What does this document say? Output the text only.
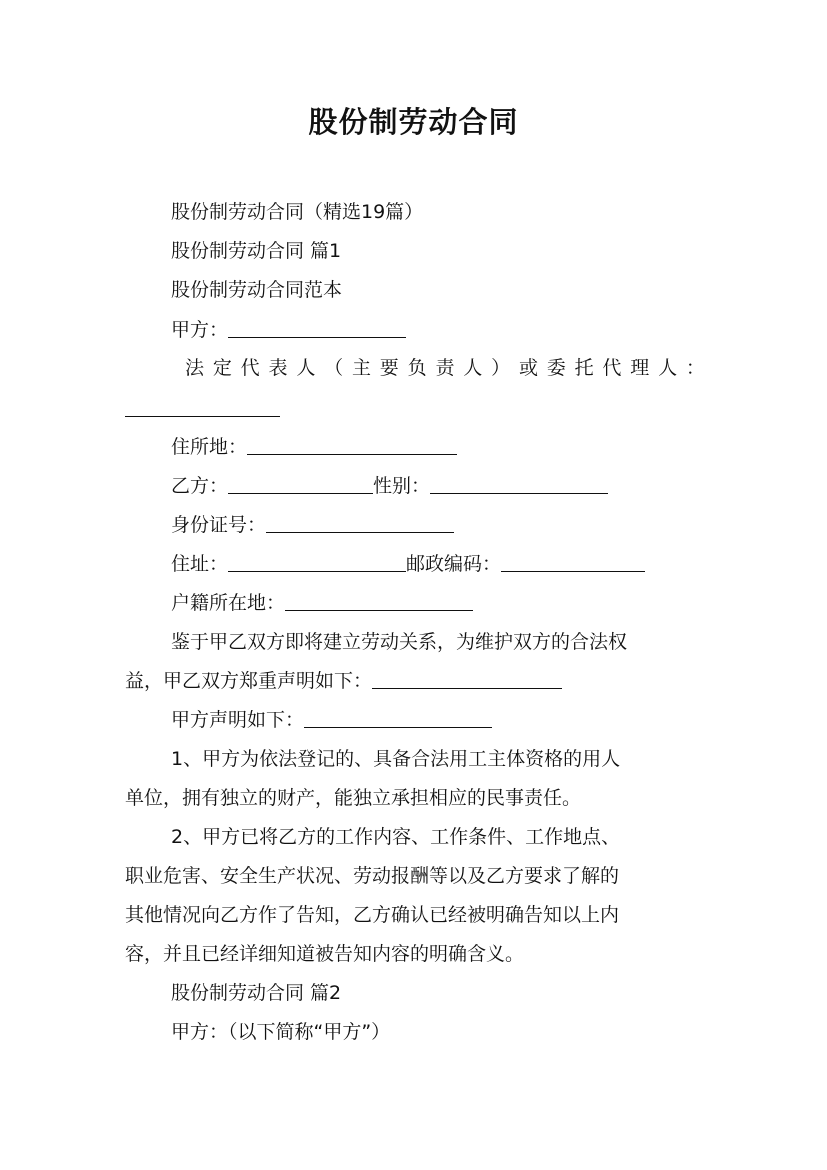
股份制劳动合同
股份制劳动合同（精选19篇）
股份制劳动合同 篇1
股份制劳动合同范本
甲方：
法 定 代 表 人 （ 主 要 负 责 人 ） 或 委 托 代 理 人 ：
住所地：
乙方：	性别：
身份证号：
住址：	邮政编码：
户籍所在地：
鉴于甲乙双方即将建立劳动关系，为维护双方的合法权
益，甲乙双方郑重声明如下：
甲方声明如下：
1、甲方为依法登记的、具备合法用工主体资格的用人
单位，拥有独立的财产，能独立承担相应的民事责任。
2、甲方已将乙方的工作内容、工作条件、工作地点、
职业危害、安全生产状况、劳动报酬等以及乙方要求了解的
其他情况向乙方作了告知，乙方确认已经被明确告知以上内
容，并且已经详细知道被告知内容的明确含义。
股份制劳动合同 篇2
甲方：（以下简称“甲方”）
